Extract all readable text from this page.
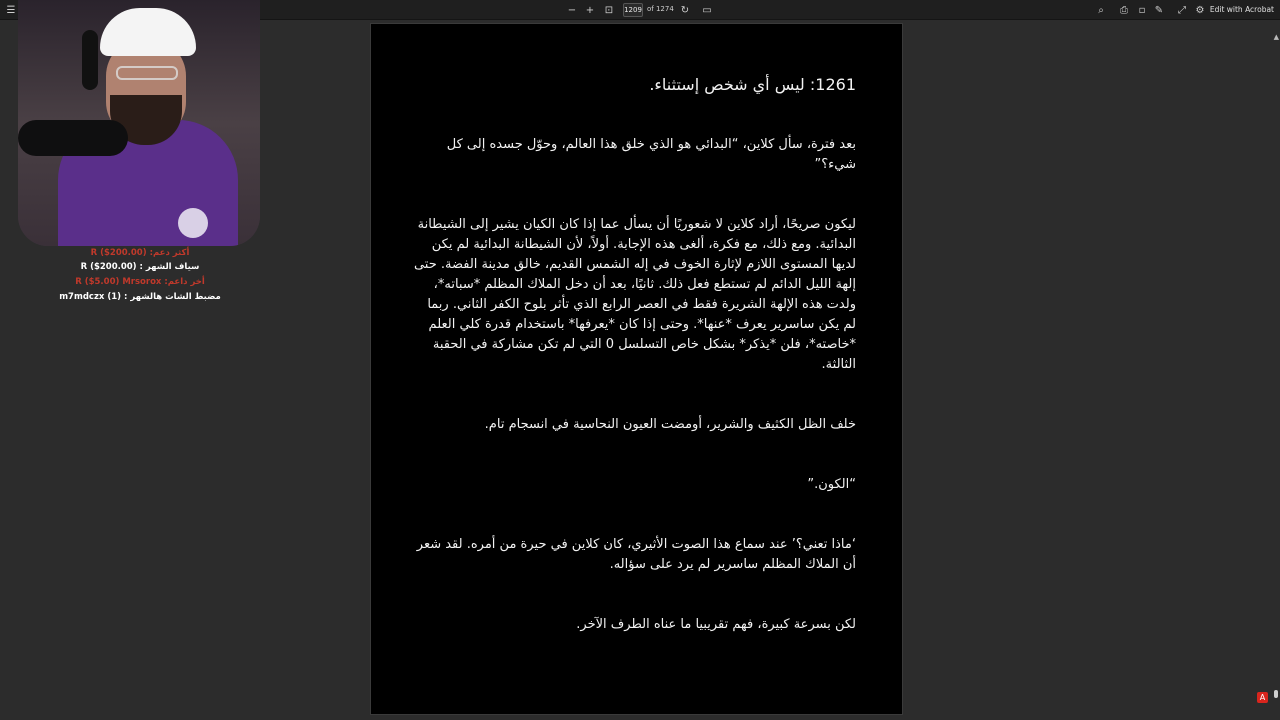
☰	− + ⊡	1209 of 1274 ↻ ▭	⌕	⎙	▫ ✎	⤢ ⚙ Edit with Acrobat
1261: ليس أي شخص إستثناء.
بعد فترة، سأل كلاين، “البدائي هو الذي خلق هذا العالم، وحوّل جسده إلى كل شيء؟”
ليكون صريحًا، أراد كلاين لا شعوريًا أن يسأل عما إذا كان الكيان يشير إلى الشيطانة البدائية. ومع ذلك، مع فكرة، ألغى هذه الإجابة. أولاً، لأن الشيطانة البدائية لم يكن لديها المستوى اللازم لإثارة الخوف في إله الشمس القديم، خالق مدينة الفضة. حتى إلهة الليل الدائم لم تستطع فعل ذلك. ثانيًا، بعد أن دخل الملاك المظلم *سباته*، ولدت هذه الإلهة الشريرة فقط في العصر الرابع الذي تأثر بلوح الكفر الثاني. ربما لم يكن ساسرير يعرف *عنها*. وحتى إذا كان *يعرفها* باستخدام قدرة كلي العلم *خاصته*، فلن *يذكر* بشكل خاص التسلسل 0 التي لم تكن مشاركة في الحقبة الثالثة.
خلف الظل الكثيف والشرير، أومضت العيون النحاسية في انسجام تام.
“الكون.”
‘ماذا تعني؟’ عند سماع هذا الصوت الأثيري، كان كلاين في حيرة من أمره. لقد شعر أن الملاك المظلم ساسرير لم يرد على سؤاله.
لكن بسرعة كبيرة، فهم تقريبيا ما عناه الطرف الآخر.
▲
A
أكثر دعم: R ($200.00)
سياف الشهر : R ($200.00)
أخر داعم: R ($5.00) Mrsorox
مضبط الشات هالشهر : m7mdczx (1)
